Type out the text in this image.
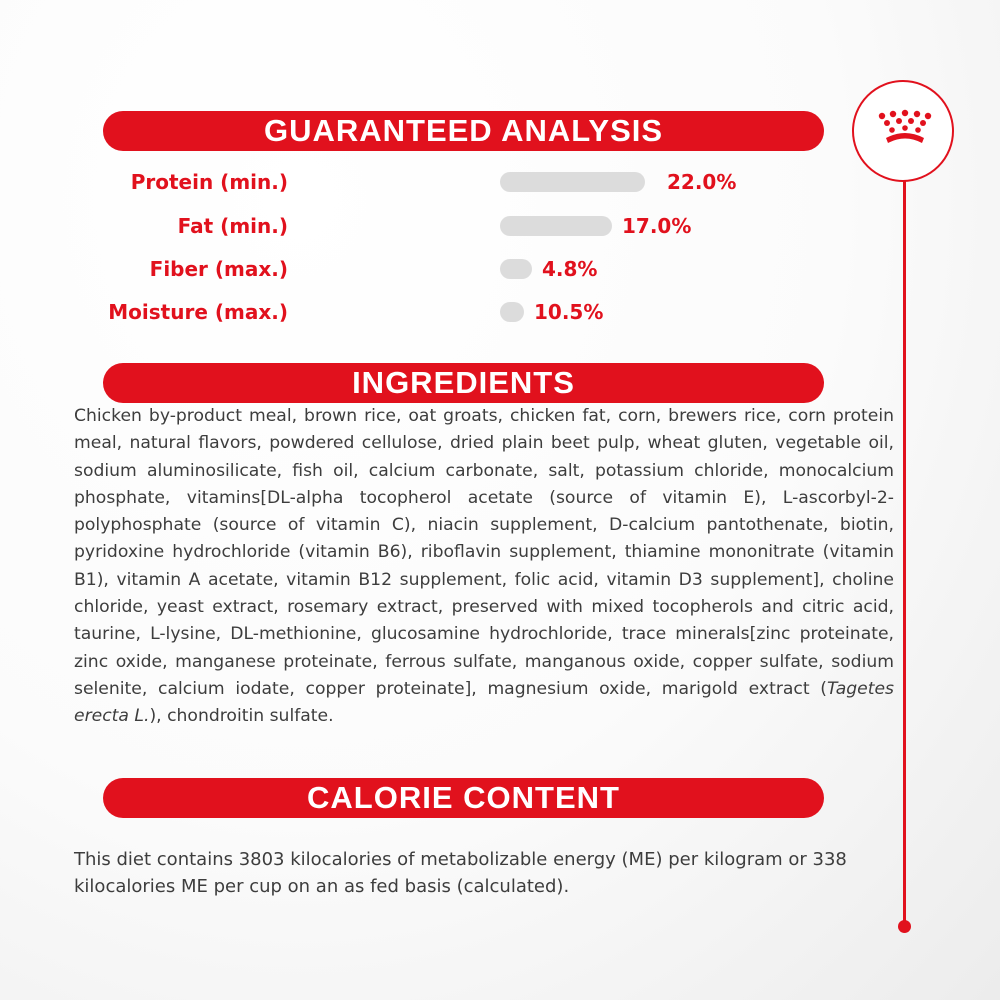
GUARANTEED ANALYSIS
Protein (min.)	22.0%
Fat (min.)	17.0%
Fiber (max.)	4.8%
Moisture (max.)	10.5%
INGREDIENTS

Chicken by-product meal, brown rice, oat groats, chicken fat, corn, brewers rice, corn protein meal, natural flavors, powdered cellulose, dried plain beet pulp, wheat gluten, vegetable oil, sodium aluminosilicate, fish oil, calcium carbonate, salt, potassium chloride, monocalcium phosphate, vitamins[DL-alpha tocopherol acetate (source of vitamin E), L-ascorbyl-2-polyphosphate (source of vitamin C), niacin supplement, D-calcium pantothenate, biotin, pyridoxine hydrochloride (vitamin B6), riboflavin supplement, thiamine mononitrate (vitamin B1), vitamin A acetate, vitamin B12 supplement, folic acid, vitamin D3 supplement], choline chloride, yeast extract, rosemary extract, preserved with mixed tocopherols and citric acid, taurine, L-lysine, DL-methionine, glucosamine hydrochloride, trace minerals[zinc proteinate, zinc oxide, manganese proteinate, ferrous sulfate, manganous oxide, copper sulfate, sodium selenite, calcium iodate, copper proteinate], magnesium oxide, marigold extract (Tagetes erecta L.), chondroitin sulfate.

CALORIE CONTENT

This diet contains 3803 kilocalories of metabolizable energy (ME) per kilogram or 338 kilocalories ME per cup on an as fed basis (calculated).
